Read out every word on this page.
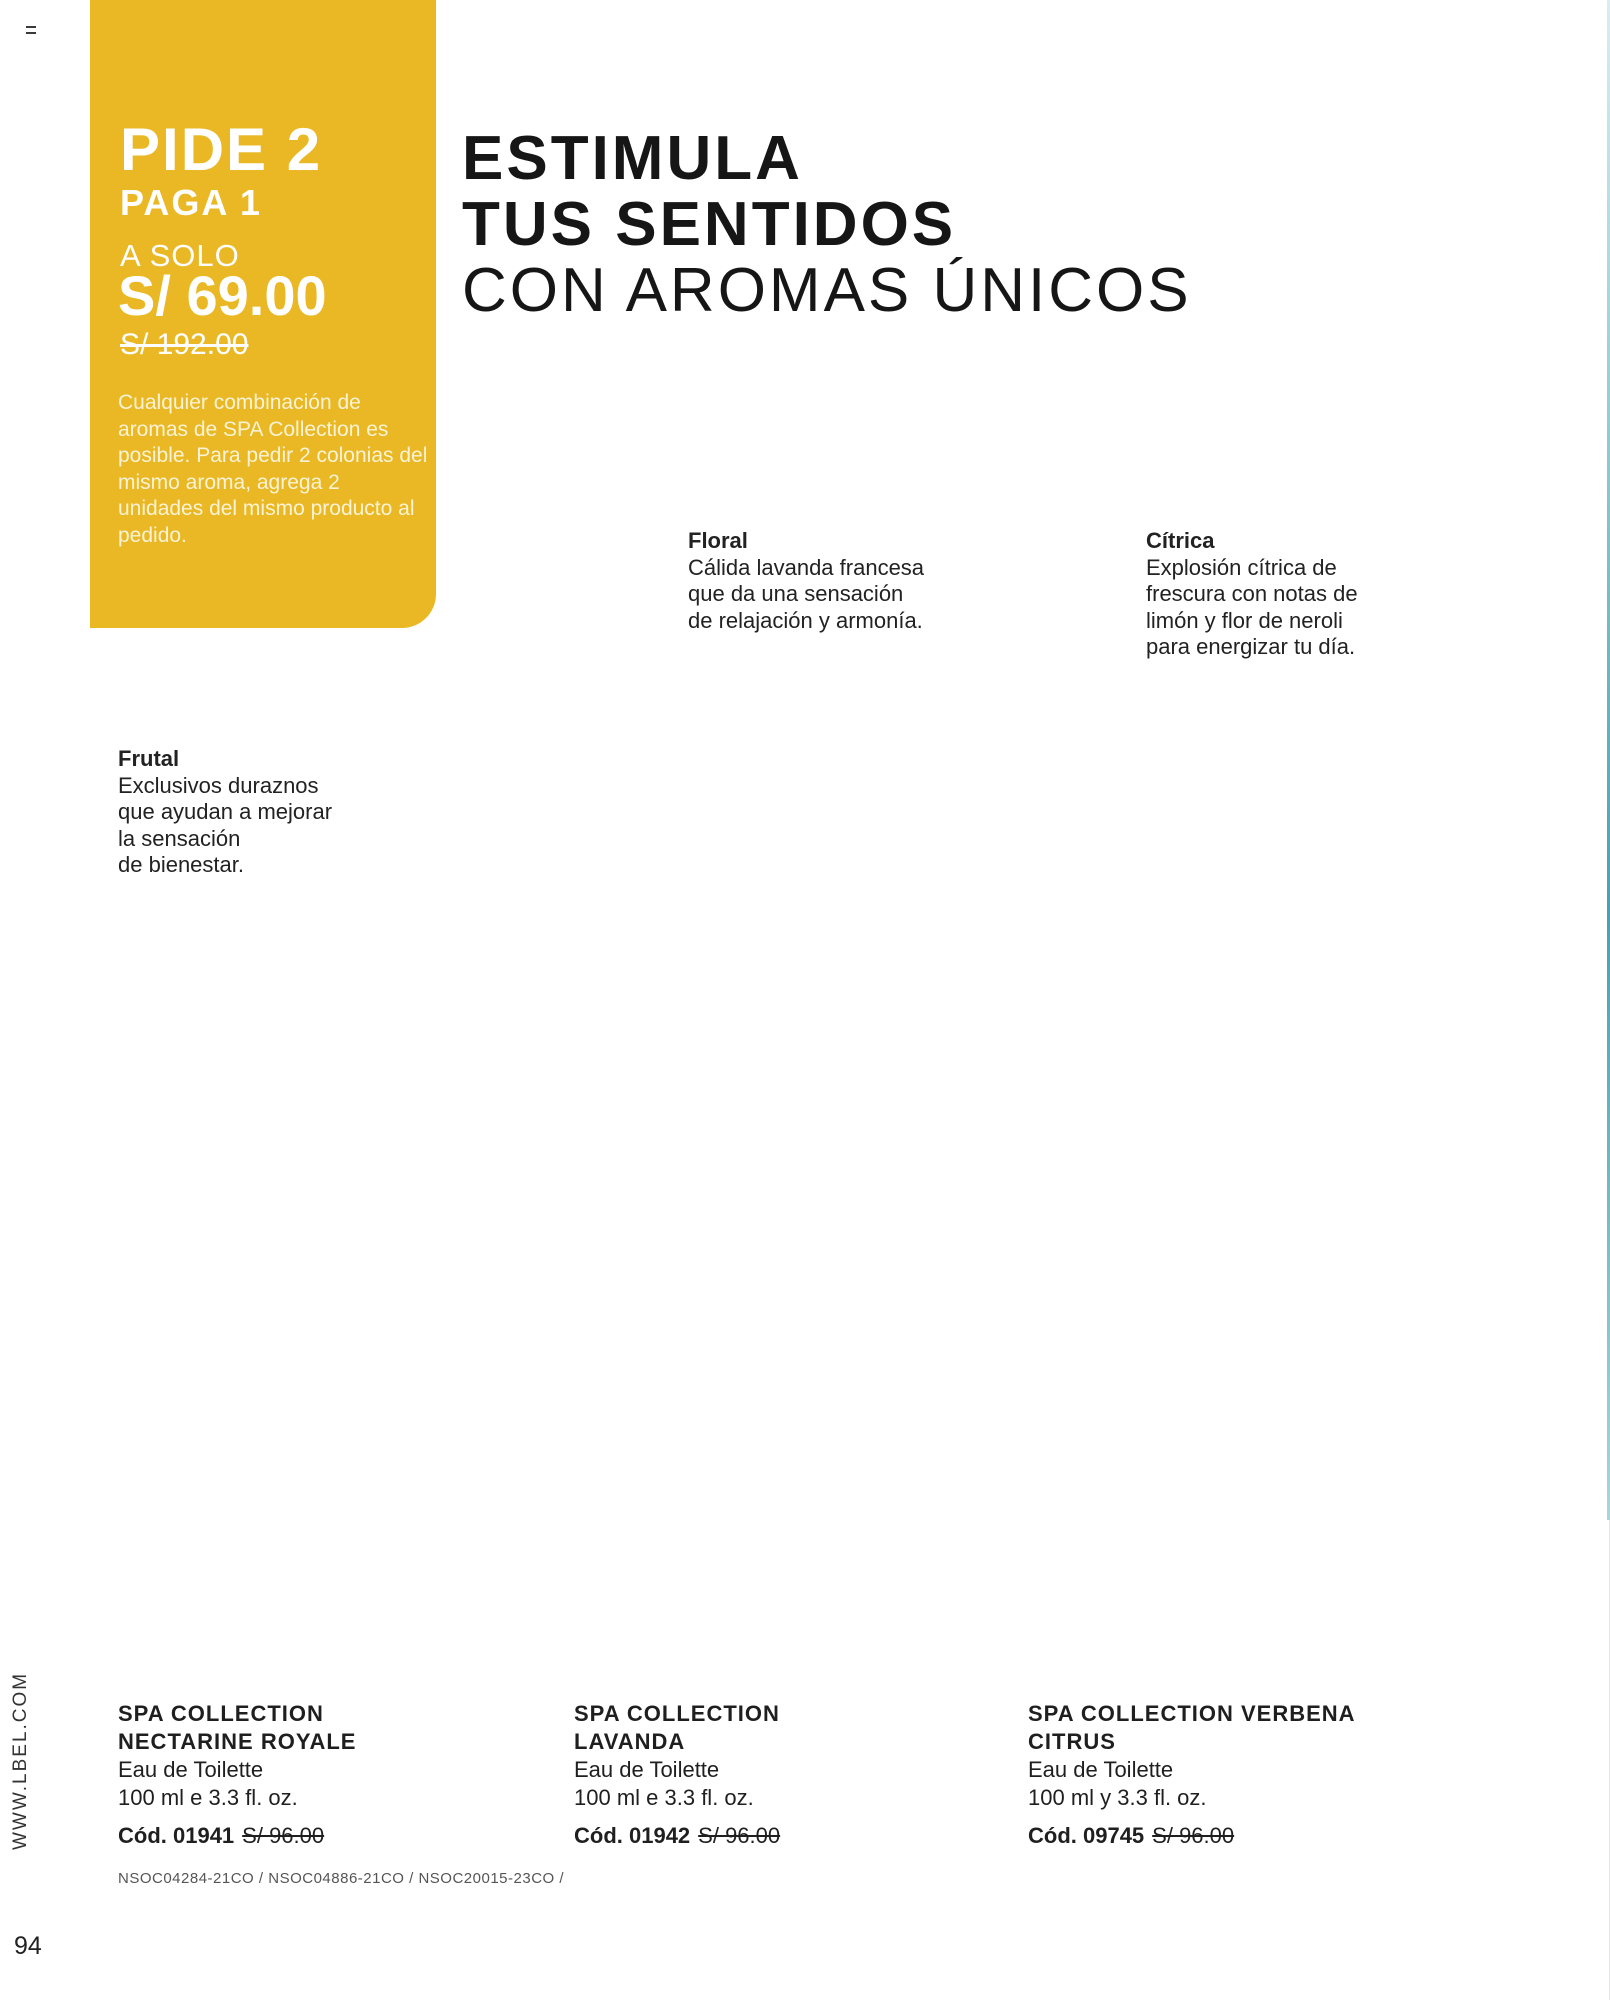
PIDE 2
PAGA 1
A SOLO
S/ 69.00
S/ 192.00
Cualquier combinación de aromas de SPA Collection es posible. Para pedir 2 colonias del mismo aroma, agrega 2 unidades del mismo producto al pedido.
ESTIMULA
TUS SENTIDOS
CON AROMAS ÚNICOS
Floral
Cálida lavanda francesa
que da una sensación
de relajación y armonía.
Cítrica
Explosión cítrica de
frescura con notas de
limón y flor de neroli
para energizar tu día.
Frutal
Exclusivos duraznos
que ayudan a mejorar
la sensación
de bienestar.
SPA COLLECTION
NECTARINE ROYALE
Eau de Toilette
100 ml e 3.3 fl. oz.
Cód. 01941 S/ 96.00
SPA COLLECTION
LAVANDA
Eau de Toilette
100 ml e 3.3 fl. oz.
Cód. 01942 S/ 96.00
SPA COLLECTION VERBENA
CITRUS
Eau de Toilette
100 ml y 3.3 fl. oz.
Cód. 09745 S/ 96.00
NSOC04284-21CO / NSOC04886-21CO / NSOC20015-23CO /
WWW.LBEL.COM
94
